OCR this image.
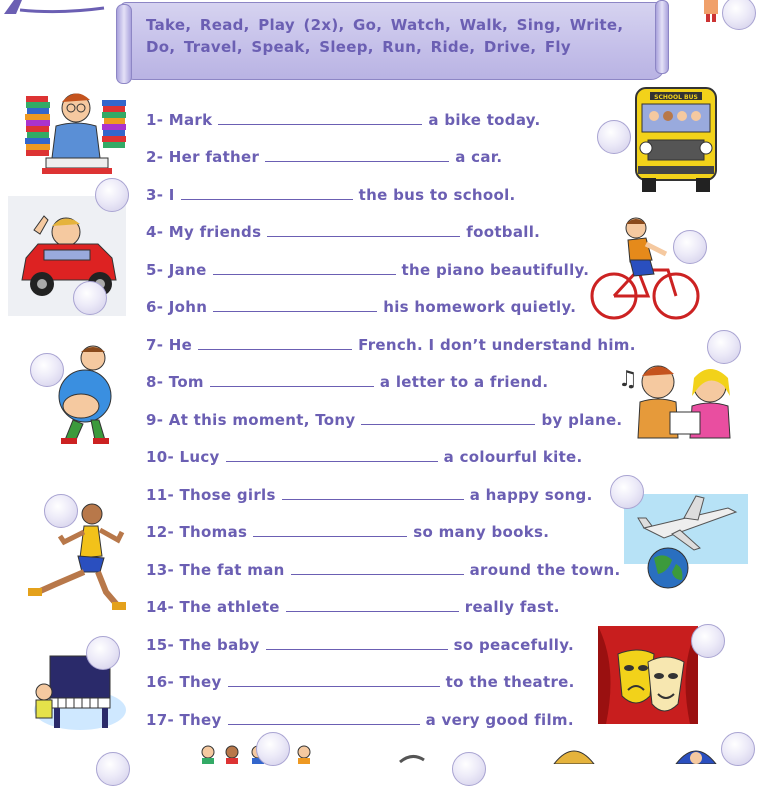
Take, Read, Play (2x), Go, Watch, Walk, Sing, Write, Do, Travel, Speak, Sleep, Run, Ride, Drive, Fly
1- Mark	a bike today.
2- Her father	a car.
3- I	the bus to school.
4- My friends	football.
5- Jane	the piano beautifully.
6- John	his homework quietly.
7- He	French. I don’t understand him.
8- Tom	a letter to a friend.
9- At this moment, Tony	by plane.
10- Lucy	a colourful kite.
11- Those girls	a happy song.
12- Thomas	so many books.
13- The fat man	around the town.
14- The athlete	really fast.
15- The baby	so peacefully.
16- They	to the theatre.
17- They	a very good film.
SCHOOL BUS
♫
